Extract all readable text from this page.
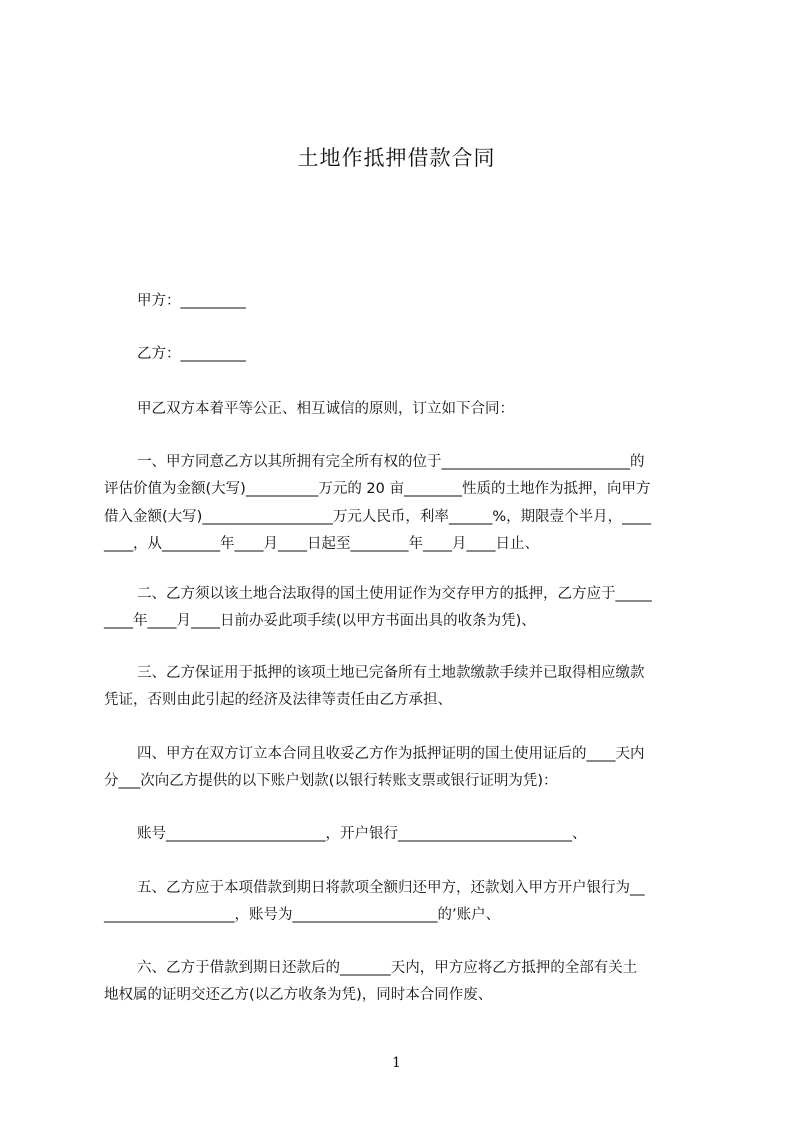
土地作抵押借款合同
甲方：_________
乙方：_________
甲乙双方本着平等公正、相互诚信的原则，订立如下合同：
一、甲方同意乙方以其所拥有完全所有权的位于__________________________的
评估价值为金额(大写)__________万元的 20 亩________性质的土地作为抵押，向甲方
借入金额(大写)__________________万元人民币，利率______%，期限壹个半月，____
____，从________年____月____日起至________年____月____日止、
二、乙方须以该土地合法取得的国土使用证作为交存甲方的抵押，乙方应于_____
____年____月____日前办妥此项手续(以甲方书面出具的收条为凭)、
三、乙方保证用于抵押的该项土地已完备所有土地款缴款手续并已取得相应缴款
凭证，否则由此引起的经济及法律等责任由乙方承担、
四、甲方在双方订立本合同且收妥乙方作为抵押证明的国土使用证后的____天内
分___次向乙方提供的以下账户划款(以银行转账支票或银行证明为凭)：
账号______________________，开户银行________________________、
五、乙方应于本项借款到期日将款项全额归还甲方，还款划入甲方开户银行为__
__________________，账号为____________________的’账户、
六、乙方于借款到期日还款后的_______天内，甲方应将乙方抵押的全部有关土
地权属的证明交还乙方(以乙方收条为凭)，同时本合同作废、
1
